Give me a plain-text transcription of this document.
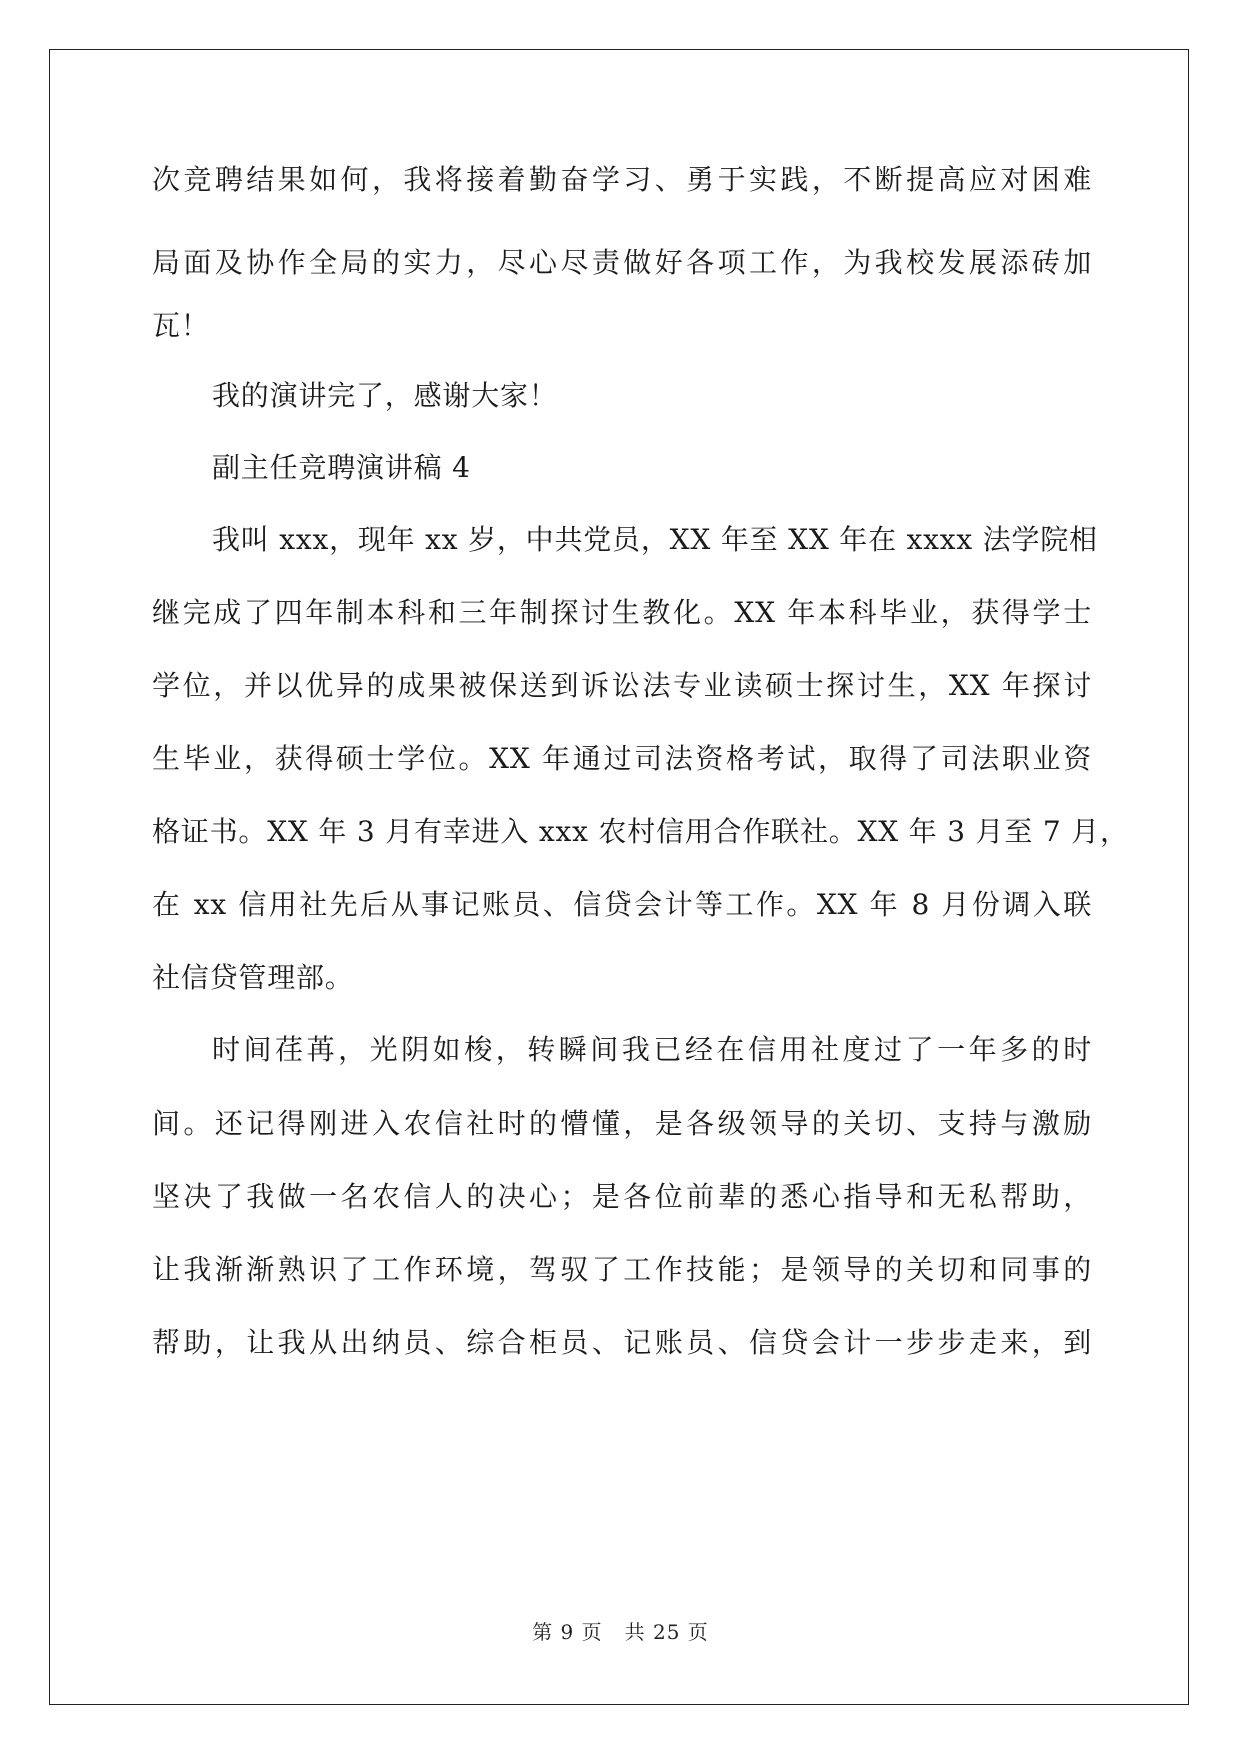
次竞聘结果如何，我将接着勤奋学习、勇于实践，不断提高应对困难
局面及协作全局的实力，尽心尽责做好各项工作，为我校发展添砖加
瓦！
我的演讲完了，感谢大家！
副主任竞聘演讲稿 4
我叫 xxx，现年 xx 岁，中共党员，XX 年至 XX 年在 xxxx 法学院相
继完成了四年制本科和三年制探讨生教化。XX 年本科毕业，获得学士
学位，并以优异的成果被保送到诉讼法专业读硕士探讨生，XX 年探讨
生毕业，获得硕士学位。XX 年通过司法资格考试，取得了司法职业资
格证书。XX 年 3 月有幸进入 xxx 农村信用合作联社。XX 年 3 月至 7 月，
在 xx 信用社先后从事记账员、信贷会计等工作。XX 年 8 月份调入联
社信贷管理部。
时间荏苒，光阴如梭，转瞬间我已经在信用社度过了一年多的时
间。还记得刚进入农信社时的懵懂，是各级领导的关切、支持与激励
坚决了我做一名农信人的决心；是各位前辈的悉心指导和无私帮助，
让我渐渐熟识了工作环境，驾驭了工作技能；是领导的关切和同事的
帮助，让我从出纳员、综合柜员、记账员、信贷会计一步步走来，到
第 9 页 共 25 页
